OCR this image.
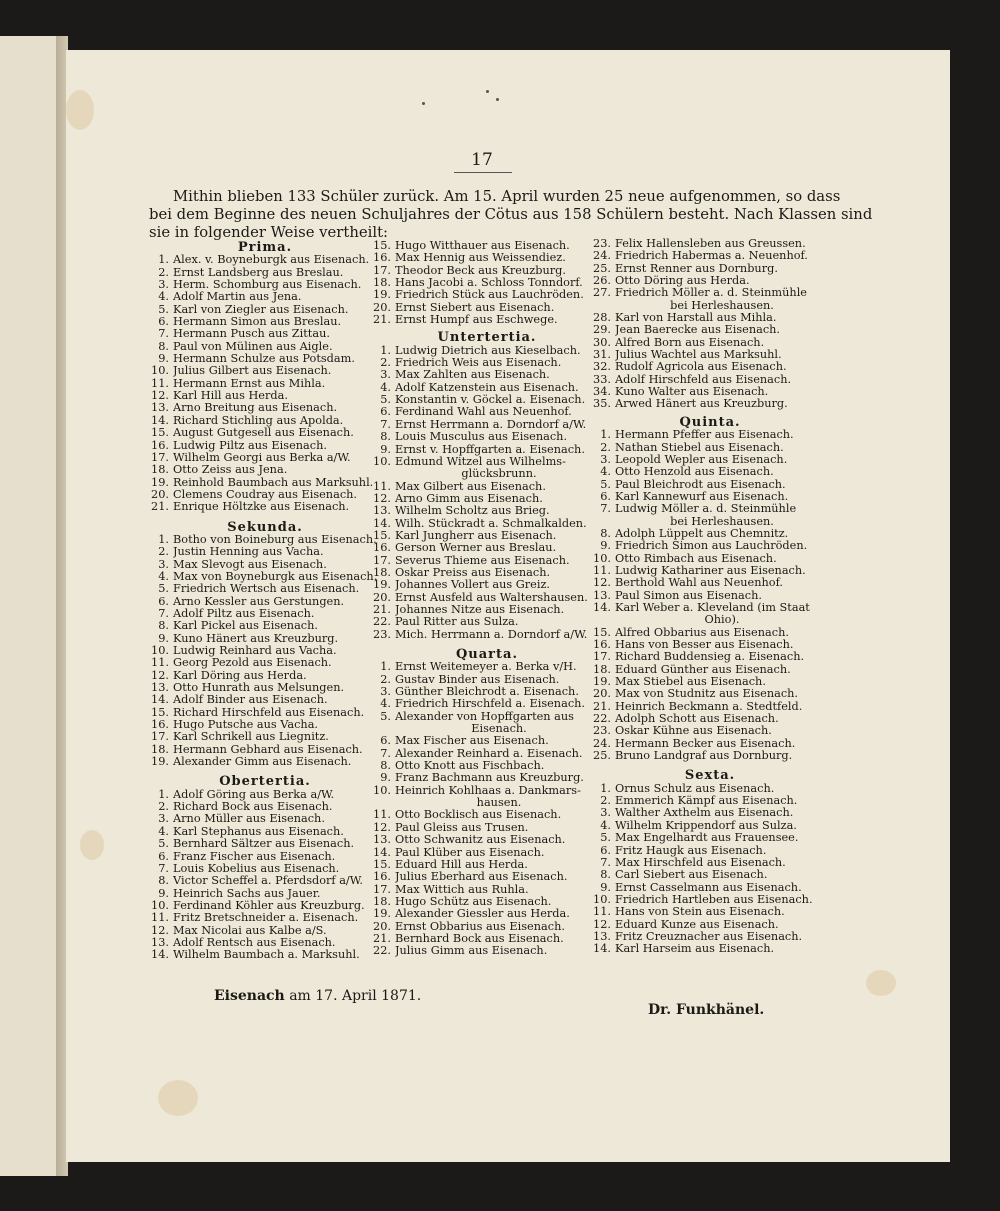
17
Mithin blieben 133 Schüler zurück. Am 15. April wurden 25 neue aufgenommen, so dass
bei dem Beginne des neuen Schuljahres der Cötus aus 158 Schülern besteht. Nach Klassen sind
sie in folgender Weise vertheilt:
Prima.
1. Alex. v. Boyneburgk aus Eisenach.
2. Ernst Landsberg aus Breslau.
3. Herm. Schomburg aus Eisenach.
4. Adolf Martin aus Jena.
5. Karl von Ziegler aus Eisenach.
6. Hermann Simon aus Breslau.
7. Hermann Pusch aus Zittau.
8. Paul von Mülinen aus Aigle.
9. Hermann Schulze aus Potsdam.
10. Julius Gilbert aus Eisenach.
11. Hermann Ernst aus Mihla.
12. Karl Hill aus Herda.
13. Arno Breitung aus Eisenach.
14. Richard Stichling aus Apolda.
15. August Gutgesell aus Eisenach.
16. Ludwig Piltz aus Eisenach.
17. Wilhelm Georgi aus Berka a/W.
18. Otto Zeiss aus Jena.
19. Reinhold Baumbach aus Marksuhl.
20. Clemens Coudray aus Eisenach.
21. Enrique Höltzke aus Eisenach.
Sekunda.
1. Botho von Boineburg aus Eisenach.
2. Justin Henning aus Vacha.
3. Max Slevogt aus Eisenach.
4. Max von Boyneburgk aus Eisenach.
5. Friedrich Wertsch aus Eisenach.
6. Arno Kessler aus Gerstungen.
7. Adolf Piltz aus Eisenach.
8. Karl Pickel aus Eisenach.
9. Kuno Hänert aus Kreuzburg.
10. Ludwig Reinhard aus Vacha.
11. Georg Pezold aus Eisenach.
12. Karl Döring aus Herda.
13. Otto Hunrath aus Melsungen.
14. Adolf Binder aus Eisenach.
15. Richard Hirschfeld aus Eisenach.
16. Hugo Putsche aus Vacha.
17. Karl Schrikell aus Liegnitz.
18. Hermann Gebhard aus Eisenach.
19. Alexander Gimm aus Eisenach.
Obertertia.
1. Adolf Göring aus Berka a/W.
2. Richard Bock aus Eisenach.
3. Arno Müller aus Eisenach.
4. Karl Stephanus aus Eisenach.
5. Bernhard Sältzer aus Eisenach.
6. Franz Fischer aus Eisenach.
7. Louis Kobelius aus Eisenach.
8. Victor Scheffel a. Pferdsdorf a/W.
9. Heinrich Sachs aus Jauer.
10. Ferdinand Köhler aus Kreuzburg.
11. Fritz Bretschneider a. Eisenach.
12. Max Nicolai aus Kalbe a/S.
13. Adolf Rentsch aus Eisenach.
14. Wilhelm Baumbach a. Marksuhl.
15. Hugo Witthauer aus Eisenach.
16. Max Hennig aus Weissendiez.
17. Theodor Beck aus Kreuzburg.
18. Hans Jacobi a. Schloss Tonndorf.
19. Friedrich Stück aus Lauchröden.
20. Ernst Siebert aus Eisenach.
21. Ernst Humpf aus Eschwege.
Untertertia.
1. Ludwig Dietrich aus Kieselbach.
2. Friedrich Weis aus Eisenach.
3. Max Zahlten aus Eisenach.
4. Adolf Katzenstein aus Eisenach.
5. Konstantin v. Göckel a. Eisenach.
6. Ferdinand Wahl aus Neuenhof.
7. Ernst Herrmann a. Dorndorf a/W.
8. Louis Musculus aus Eisenach.
9. Ernst v. Hopffgarten a. Eisenach.
10. Edmund Witzel aus Wilhelms-
glücksbrunn.
11. Max Gilbert aus Eisenach.
12. Arno Gimm aus Eisenach.
13. Wilhelm Scholtz aus Brieg.
14. Wilh. Stückradt a. Schmalkalden.
15. Karl Jungherr aus Eisenach.
16. Gerson Werner aus Breslau.
17. Severus Thieme aus Eisenach.
18. Oskar Preiss aus Eisenach.
19. Johannes Vollert aus Greiz.
20. Ernst Ausfeld aus Waltershausen.
21. Johannes Nitze aus Eisenach.
22. Paul Ritter aus Sulza.
23. Mich. Herrmann a. Dorndorf a/W.
Quarta.
1. Ernst Weitemeyer a. Berka v/H.
2. Gustav Binder aus Eisenach.
3. Günther Bleichrodt a. Eisenach.
4. Friedrich Hirschfeld a. Eisenach.
5. Alexander von Hopffgarten aus
Eisenach.
6. Max Fischer aus Eisenach.
7. Alexander Reinhard a. Eisenach.
8. Otto Knott aus Fischbach.
9. Franz Bachmann aus Kreuzburg.
10. Heinrich Kohlhaas a. Dankmars-
hausen.
11. Otto Bocklisch aus Eisenach.
12. Paul Gleiss aus Trusen.
13. Otto Schwanitz aus Eisenach.
14. Paul Klüber aus Eisenach.
15. Eduard Hill aus Herda.
16. Julius Eberhard aus Eisenach.
17. Max Wittich aus Ruhla.
18. Hugo Schütz aus Eisenach.
19. Alexander Giessler aus Herda.
20. Ernst Obbarius aus Eisenach.
21. Bernhard Bock aus Eisenach.
22. Julius Gimm aus Eisenach.
23. Felix Hallensleben aus Greussen.
24. Friedrich Habermas a. Neuenhof.
25. Ernst Renner aus Dornburg.
26. Otto Döring aus Herda.
27. Friedrich Möller a. d. Steinmühle
bei Herleshausen.
28. Karl von Harstall aus Mihla.
29. Jean Baerecke aus Eisenach.
30. Alfred Born aus Eisenach.
31. Julius Wachtel aus Marksuhl.
32. Rudolf Agricola aus Eisenach.
33. Adolf Hirschfeld aus Eisenach.
34. Kuno Walter aus Eisenach.
35. Arwed Hänert aus Kreuzburg.
Quinta.
1. Hermann Pfeffer aus Eisenach.
2. Nathan Stiebel aus Eisenach.
3. Leopold Wepler aus Eisenach.
4. Otto Henzold aus Eisenach.
5. Paul Bleichrodt aus Eisenach.
6. Karl Kannewurf aus Eisenach.
7. Ludwig Möller a. d. Steinmühle
bei Herleshausen.
8. Adolph Lüppelt aus Chemnitz.
9. Friedrich Simon aus Lauchröden.
10. Otto Rimbach aus Eisenach.
11. Ludwig Kathariner aus Eisenach.
12. Berthold Wahl aus Neuenhof.
13. Paul Simon aus Eisenach.
14. Karl Weber a. Kleveland (im Staat
Ohio).
15. Alfred Obbarius aus Eisenach.
16. Hans von Besser aus Eisenach.
17. Richard Buddensieg a. Eisenach.
18. Eduard Günther aus Eisenach.
19. Max Stiebel aus Eisenach.
20. Max von Studnitz aus Eisenach.
21. Heinrich Beckmann a. Stedtfeld.
22. Adolph Schott aus Eisenach.
23. Oskar Kühne aus Eisenach.
24. Hermann Becker aus Eisenach.
25. Bruno Landgraf aus Dornburg.
Sexta.
1. Ornus Schulz aus Eisenach.
2. Emmerich Kämpf aus Eisenach.
3. Walther Axthelm aus Eisenach.
4. Wilhelm Krippendorf aus Sulza.
5. Max Engelhardt aus Frauensee.
6. Fritz Haugk aus Eisenach.
7. Max Hirschfeld aus Eisenach.
8. Carl Siebert aus Eisenach.
9. Ernst Casselmann aus Eisenach.
10. Friedrich Hartleben aus Eisenach.
11. Hans von Stein aus Eisenach.
12. Eduard Kunze aus Eisenach.
13. Fritz Creuznacher aus Eisenach.
14. Karl Harseim aus Eisenach.
Eisenach am 17. April 1871.
Dr. Funkhänel.
